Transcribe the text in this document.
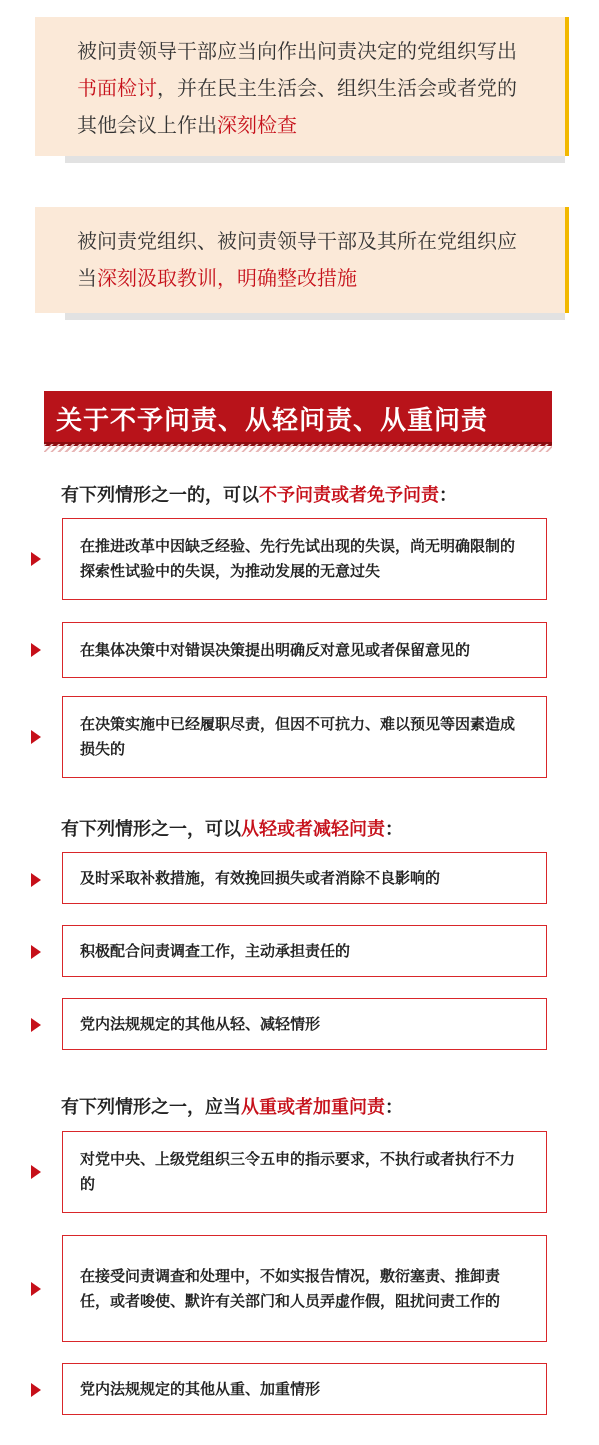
被问责领导干部应当向作出问责决定的党组织写出书面检讨，并在民主生活会、组织生活会或者党的其他会议上作出深刻检查
被问责党组织、被问责领导干部及其所在党组织应当深刻汲取教训，明确整改措施
关于不予问责、从轻问责、从重问责
有下列情形之一的，可以不予问责或者免予问责：
在推进改革中因缺乏经验、先行先试出现的失误，尚无明确限制的探索性试验中的失误，为推动发展的无意过失
在集体决策中对错误决策提出明确反对意见或者保留意见的
在决策实施中已经履职尽责，但因不可抗力、难以预见等因素造成损失的
有下列情形之一，可以从轻或者减轻问责：
及时采取补救措施，有效挽回损失或者消除不良影响的
积极配合问责调查工作，主动承担责任的
党内法规规定的其他从轻、减轻情形
有下列情形之一，应当从重或者加重问责：
对党中央、上级党组织三令五申的指示要求，不执行或者执行不力的
在接受问责调查和处理中，不如实报告情况，敷衍塞责、推卸责任，或者唆使、默许有关部门和人员弄虚作假，阻扰问责工作的
党内法规规定的其他从重、加重情形
